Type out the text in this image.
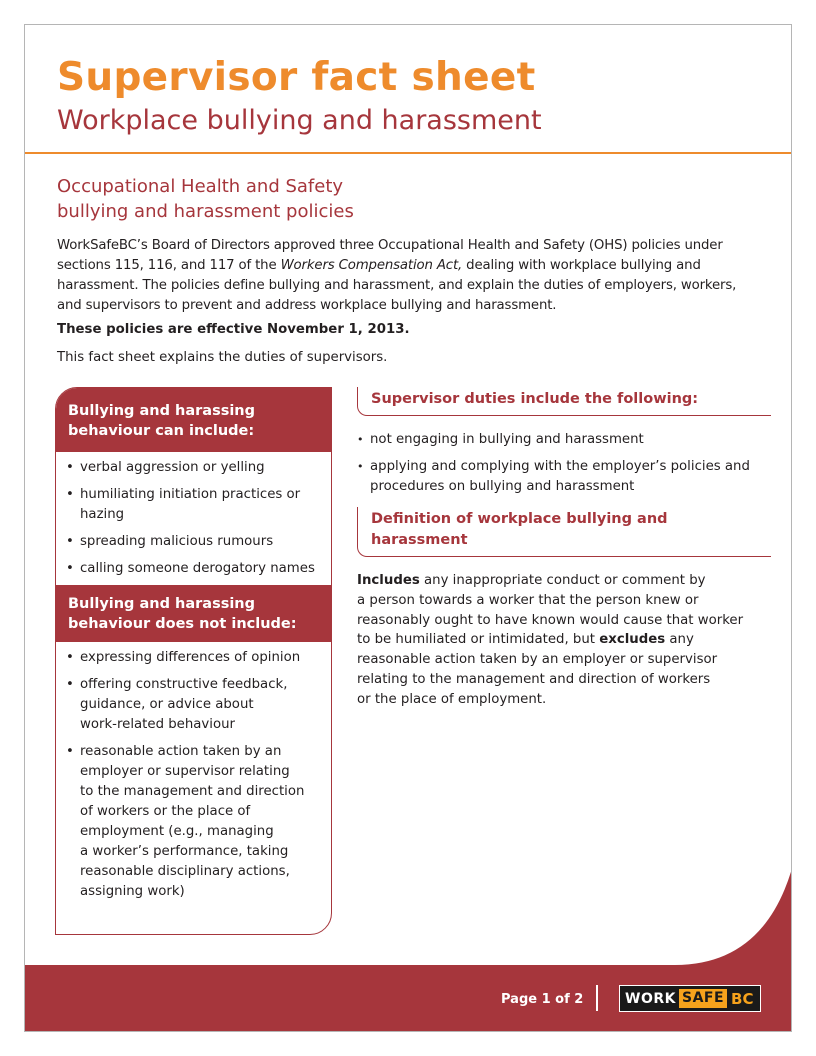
Supervisor fact sheet
Workplace bullying and harassment
Occupational Health and Safety
bullying and harassment policies

WorkSafeBC’s Board of Directors approved three Occupational Health and Safety (OHS) policies under sections 115, 116, and 117 of the Workers Compensation Act, dealing with workplace bullying and harassment. The policies define bullying and harassment, and explain the duties of employers, workers, and supervisors to prevent and address workplace bullying and harassment.

These policies are effective November 1, 2013.

This fact sheet explains the duties of supervisors.

Bullying and harassing
behaviour can include:
• verbal aggression or yelling
• humiliating initiation practices or
hazing
• spreading malicious rumours
• calling someone derogatory names
Bullying and harassing
behaviour does not include:
• expressing differences of opinion
• offering constructive feedback,
guidance, or advice about
work-related behaviour
• reasonable action taken by an
employer or supervisor relating
to the management and direction
of workers or the place of
employment (e.g., managing
a worker’s performance, taking
reasonable disciplinary actions,
assigning work)
Supervisor duties include the following:
• not engaging in bullying and harassment
• applying and complying with the employer’s policies and
procedures on bullying and harassment
Definition of workplace bullying and
harassment

Includes any inappropriate conduct or comment by
a person towards a worker that the person knew or
reasonably ought to have known would cause that worker
to be humiliated or intimidated, but excludes any
reasonable action taken by an employer or supervisor
relating to the management and direction of workers
or the place of employment.

Page 1 of 2	WORK SAFE BC
